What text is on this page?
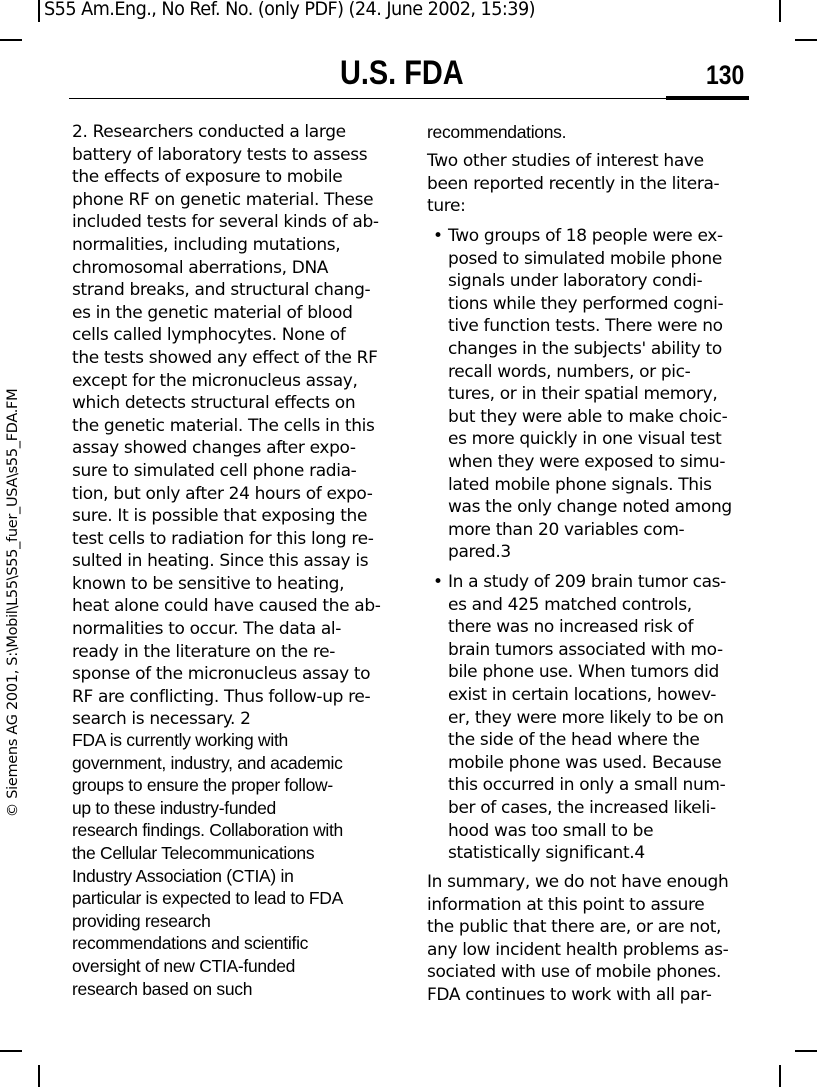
S55 Am.Eng., No Ref. No. (only PDF) (24. June 2002, 15:39)
U.S. FDA	130
© Siemens AG 2001, S:\Mobil\L55\S55_fuer_USA\s55_FDA.FM
2. Researchers conducted a large
battery of laboratory tests to assess
the effects of exposure to mobile
phone RF on genetic material. These
included tests for several kinds of ab-
normalities, including mutations,
chromosomal aberrations, DNA
strand breaks, and structural chang-
es in the genetic material of blood
cells called lymphocytes. None of
the tests showed any effect of the RF
except for the micronucleus assay,
which detects structural effects on
the genetic material. The cells in this
assay showed changes after expo-
sure to simulated cell phone radia-
tion, but only after 24 hours of expo-
sure. It is possible that exposing the
test cells to radiation for this long re-
sulted in heating. Since this assay is
known to be sensitive to heating,
heat alone could have caused the ab-
normalities to occur. The data al-
ready in the literature on the re-
sponse of the micronucleus assay to
RF are conflicting. Thus follow-up re-
search is necessary. 2
FDA is currently working with
government, industry, and academic
groups to ensure the proper follow-
up to these industry-funded
research findings. Collaboration with
the Cellular Telecommunications
Industry Association (CTIA) in
particular is expected to lead to FDA
providing research
recommendations and scientific
oversight of new CTIA-funded
research based on such
recommendations.
Two other studies of interest have
been reported recently in the litera-
ture:
• Two groups of 18 people were ex-
posed to simulated mobile phone
signals under laboratory condi-
tions while they performed cogni-
tive function tests. There were no
changes in the subjects' ability to
recall words, numbers, or pic-
tures, or in their spatial memory,
but they were able to make choic-
es more quickly in one visual test
when they were exposed to simu-
lated mobile phone signals. This
was the only change noted among
more than 20 variables com-
pared.3
• In a study of 209 brain tumor cas-
es and 425 matched controls,
there was no increased risk of
brain tumors associated with mo-
bile phone use. When tumors did
exist in certain locations, howev-
er, they were more likely to be on
the side of the head where the
mobile phone was used. Because
this occurred in only a small num-
ber of cases, the increased likeli-
hood was too small to be
statistically significant.4
In summary, we do not have enough
information at this point to assure
the public that there are, or are not,
any low incident health problems as-
sociated with use of mobile phones.
FDA continues to work with all par-
